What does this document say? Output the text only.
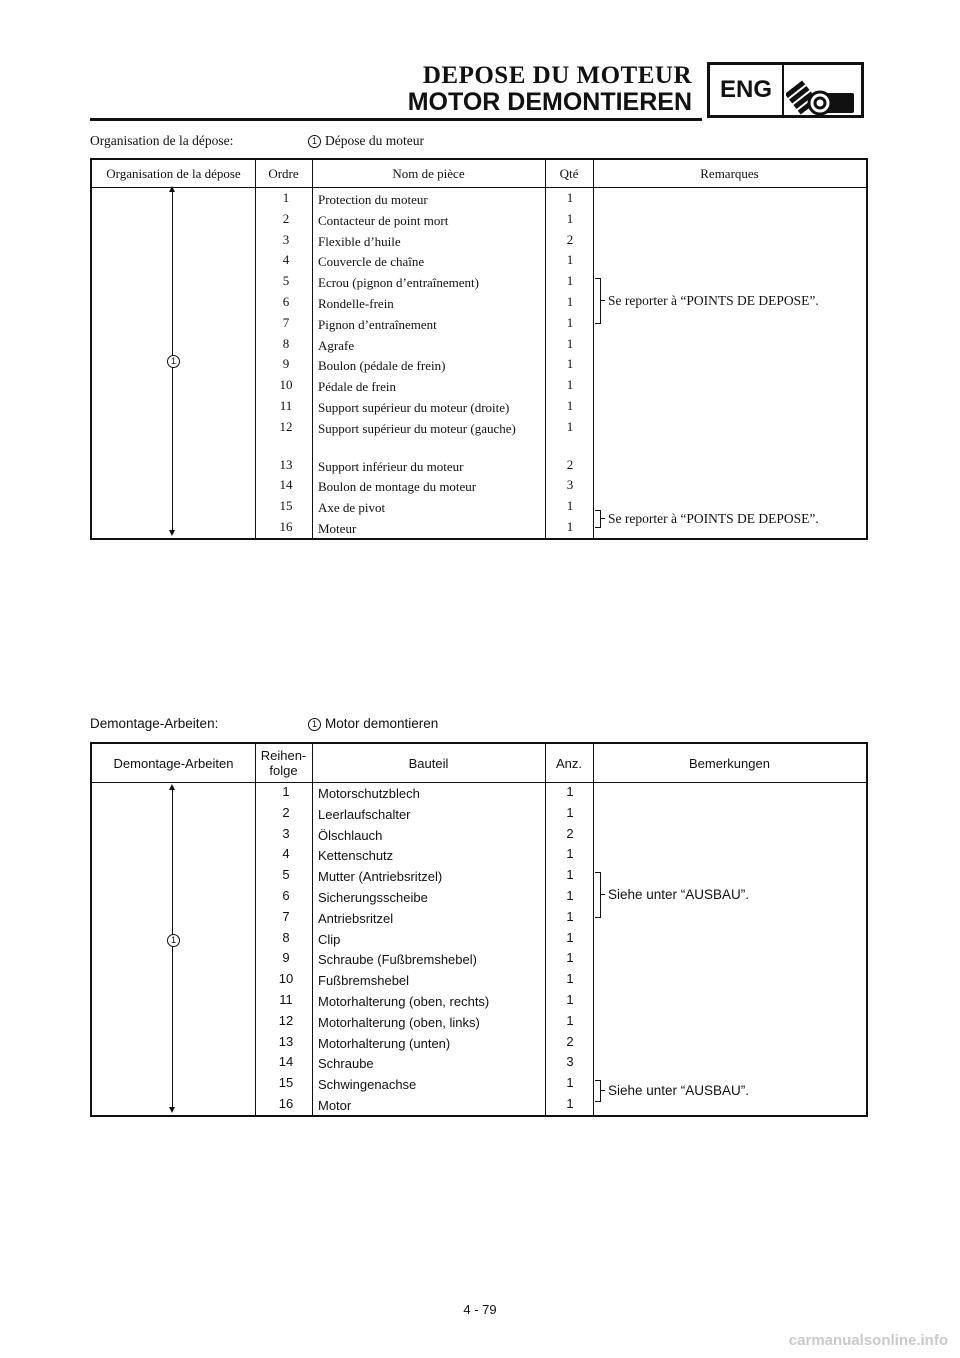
DEPOSE DU MOTEUR
MOTOR DEMONTIEREN	ENG
Organisation de la dépose:	1 Dépose du moteur
Organisation de la dépose	Ordre	Nom de pièce	Qté	Remarques
1
1	Protection du moteur	1
2	Contacteur de point mort	1
3	Flexible d’huile	2
4	Couvercle de chaîne	1
5	Ecrou (pignon d’entraînement)	1
6	Rondelle-frein	1
7	Pignon d’entraînement	1
8	Agrafe	1
9	Boulon (pédale de frein)	1
10	Pédale de frein	1
11	Support supérieur du moteur (droite)	1
12	Support supérieur du moteur (gauche)	1
13	Support inférieur du moteur	2
14	Boulon de montage du moteur	3
15	Axe de pivot	1
16	Moteur	1
Se reporter à “POINTS DE DEPOSE”.
Se reporter à “POINTS DE DEPOSE”.
Demontage-Arbeiten:	1 Motor demontieren
Demontage-Arbeiten	Reihen-folge	Bauteil	Anz.	Bemerkungen
1
1	Motorschutzblech	1
2	Leerlaufschalter	1
3	Ölschlauch	2
4	Kettenschutz	1
5	Mutter (Antriebsritzel)	1
6	Sicherungsscheibe	1
7	Antriebsritzel	1
8	Clip	1
9	Schraube (Fußbremshebel)	1
10	Fußbremshebel	1
11	Motorhalterung (oben, rechts)	1
12	Motorhalterung (oben, links)	1
13	Motorhalterung (unten)	2
14	Schraube	3
15	Schwingenachse	1
16	Motor	1
Siehe unter “AUSBAU”.
Siehe unter “AUSBAU”.
4 - 79
carmanualsonline.info
